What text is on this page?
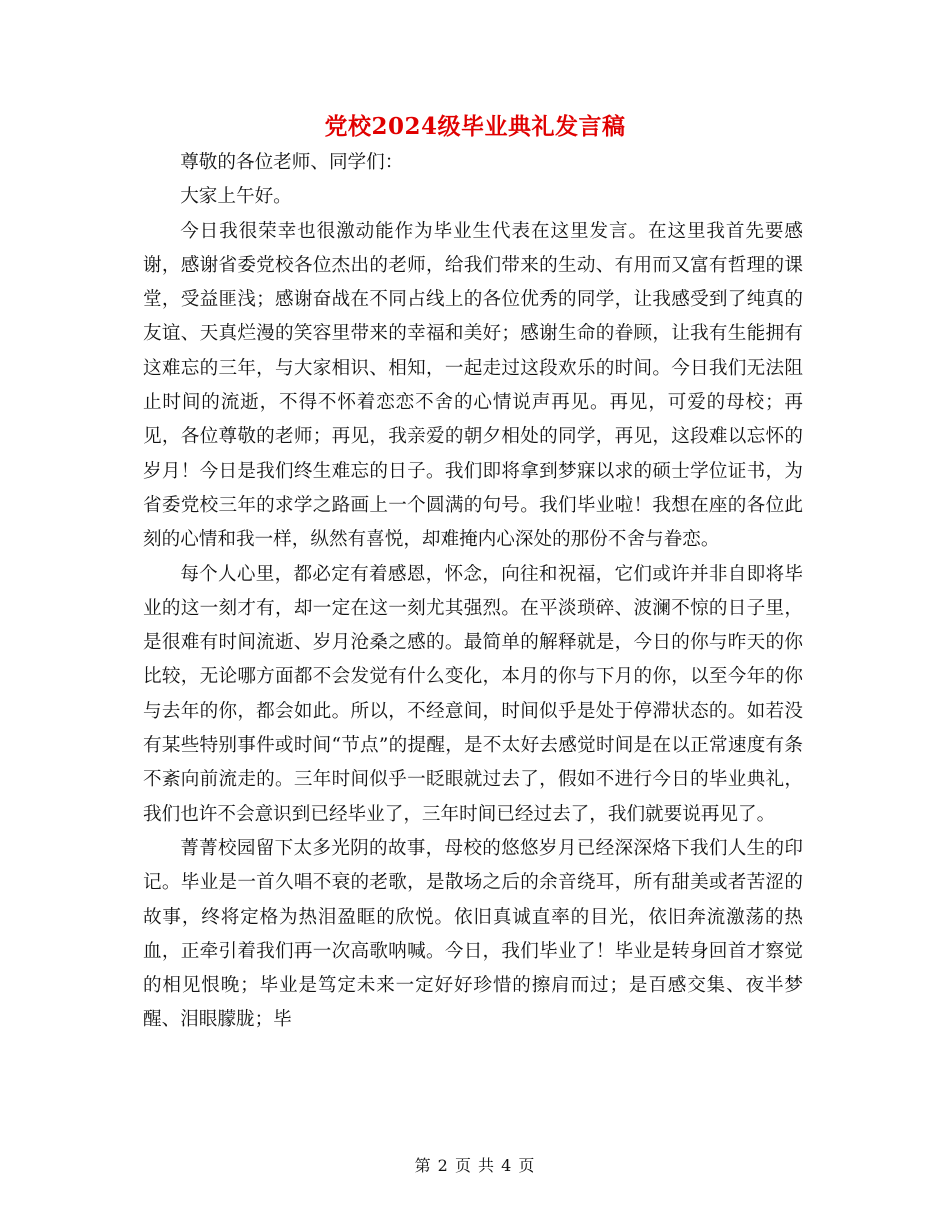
党校2024级毕业典礼发言稿

尊敬的各位老师、同学们：

大家上午好。

今日我很荣幸也很激动能作为毕业生代表在这里发言。在这里我首先要感谢，感谢省委党校各位杰出的老师，给我们带来的生动、有用而又富有哲理的课堂，受益匪浅；感谢奋战在不同占线上的各位优秀的同学，让我感受到了纯真的友谊、天真烂漫的笑容里带来的幸福和美好；感谢生命的眷顾，让我有生能拥有这难忘的三年，与大家相识、相知，一起走过这段欢乐的时间。今日我们无法阻止时间的流逝，不得不怀着恋恋不舍的心情说声再见。再见，可爱的母校；再见，各位尊敬的老师；再见，我亲爱的朝夕相处的同学，再见，这段难以忘怀的岁月！今日是我们终生难忘的日子。我们即将拿到梦寐以求的硕士学位证书，为省委党校三年的求学之路画上一个圆满的句号。我们毕业啦！我想在座的各位此刻的心情和我一样，纵然有喜悦，却难掩内心深处的那份不舍与眷恋。

每个人心里，都必定有着感恩，怀念，向往和祝福，它们或许并非自即将毕业的这一刻才有，却一定在这一刻尤其强烈。在平淡琐碎、波澜不惊的日子里，是很难有时间流逝、岁月沧桑之感的。最简单的解释就是，今日的你与昨天的你比较，无论哪方面都不会发觉有什么变化，本月的你与下月的你，以至今年的你与去年的你，都会如此。所以，不经意间，时间似乎是处于停滞状态的。如若没有某些特别事件或时间“节点”的提醒，是不太好去感觉时间是在以正常速度有条不紊向前流走的。三年时间似乎一眨眼就过去了，假如不进行今日的毕业典礼，我们也许不会意识到已经毕业了，三年时间已经过去了，我们就要说再见了。

菁菁校园留下太多光阴的故事，母校的悠悠岁月已经深深烙下我们人生的印记。毕业是一首久唱不衰的老歌，是散场之后的余音绕耳，所有甜美或者苦涩的故事，终将定格为热泪盈眶的欣悦。依旧真诚直率的目光，依旧奔流激荡的热血，正牵引着我们再一次高歌呐喊。今日，我们毕业了！毕业是转身回首才察觉的相见恨晚；毕业是笃定未来一定好好珍惜的擦肩而过；是百感交集、夜半梦醒、泪眼朦胧；毕

第 2 页 共 4 页
